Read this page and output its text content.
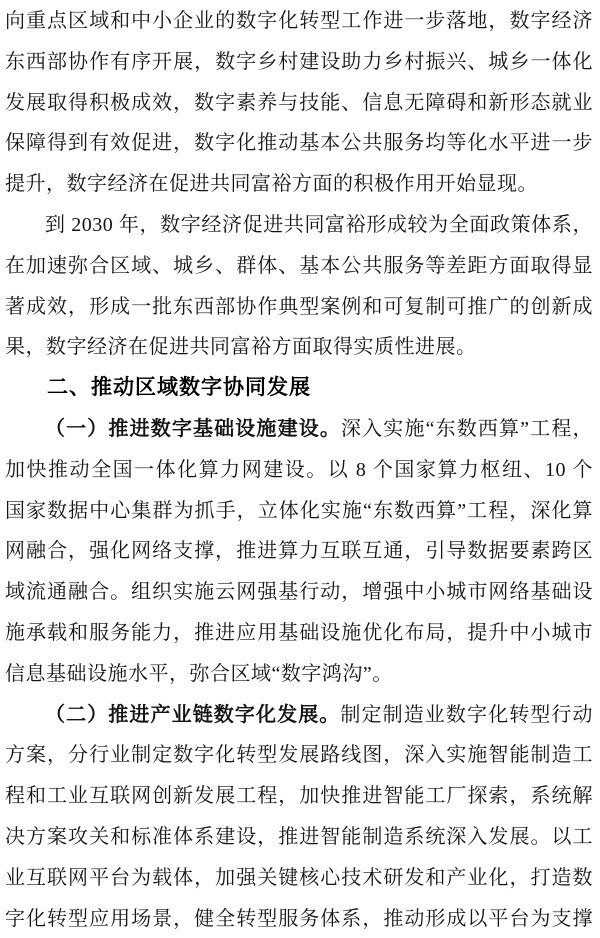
向重点区域和中小企业的数字化转型工作进一步落地，数字经济
东西部协作有序开展，数字乡村建设助力乡村振兴、城乡一体化
发展取得积极成效，数字素养与技能、信息无障碍和新形态就业
保障得到有效促进，数字化推动基本公共服务均等化水平进一步
提升，数字经济在促进共同富裕方面的积极作用开始显现。
到 2030 年，数字经济促进共同富裕形成较为全面政策体系，
在加速弥合区域、城乡、群体、基本公共服务等差距方面取得显
著成效，形成一批东西部协作典型案例和可复制可推广的创新成
果，数字经济在促进共同富裕方面取得实质性进展。
二、推动区域数字协同发展
（一）推进数字基础设施建设。深入实施“东数西算”工程，
加快推动全国一体化算力网建设。以 8 个国家算力枢纽、10 个
国家数据中心集群为抓手，立体化实施“东数西算”工程，深化算
网融合，强化网络支撑，推进算力互联互通，引导数据要素跨区
域流通融合。组织实施云网强基行动，增强中小城市网络基础设
施承载和服务能力，推进应用基础设施优化布局，提升中小城市
信息基础设施水平，弥合区域“数字鸿沟”。
（二）推进产业链数字化发展。制定制造业数字化转型行动
方案，分行业制定数字化转型发展路线图，深入实施智能制造工
程和工业互联网创新发展工程，加快推进智能工厂探索，系统解
决方案攻关和标准体系建设，推进智能制造系统深入发展。以工
业互联网平台为载体，加强关键核心技术研发和产业化，打造数
字化转型应用场景，健全转型服务体系，推动形成以平台为支撑
